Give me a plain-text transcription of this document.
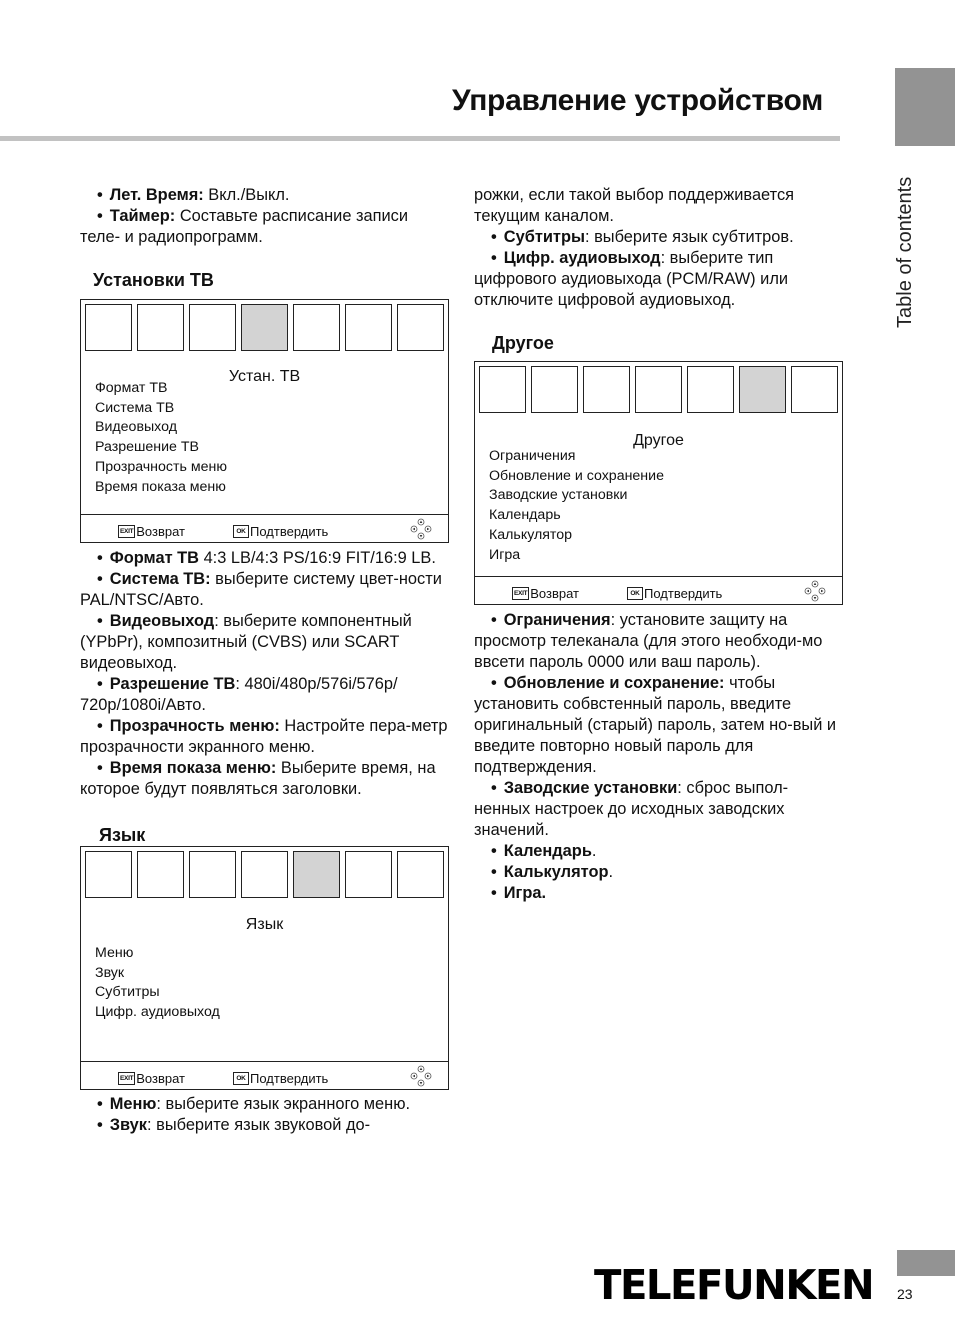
Управление устройством
Table of contents

• Лет. Время: Вкл./Выкл.

• Таймер: Составьте расписание записи теле- и радиопрограмм.

Установки ТВ
Устан. ТВ
Формат ТВ
Система ТВ
Видеовыход
Разрешение ТВ
Прозрачность меню
Время показа меню
EXIT Возврат	OK Подтвердить

• Формат ТВ 4:3 LB/4:3 PS/16:9 FIT/16:9 LB.

• Система ТВ: выберите систему цвет-ности PAL/NTSC/Авто.

• Видеовыход: выберите компонентный (YPbPr), композитный (CVBS) или SCART видеовыход.

• Разрешение ТВ: 480i/480p/576i/576p/ 720p/1080i/Авто.

• Прозрачность меню: Настройте пера-метр прозрачности экранного меню.

• Время показа меню: Выберите время, на которое будут появляться заголовки.

Язык
Язык
Меню
Звук
Субтитры
Цифр. аудиовыход
EXIT Возврат	OK Подтвердить

• Меню: выберите язык экранного меню.

• Звук: выберите язык звуковой до-

рожки, если такой выбор поддерживается текущим каналом.

• Субтитры: выберите язык субтитров.

• Цифр. аудиовыход: выберите тип цифрового аудиовыхода (PCM/RAW) или отключите цифровой аудиовыход.

Другое
Другое
Ограничения
Обновление и сохранение
Заводские установки
Календарь
Калькулятор
Игра
EXIT Возврат	OK Подтвердить

• Ограничения: установите защиту на просмотр телеканала (для этого необходи-мо ввсети пароль 0000 или ваш пароль).

• Обновление и сохранение: чтобы установить собвстенный пароль, введите оригинальный (старый) пароль, затем но-вый и введите повторно новый пароль для подтверждения.

• Заводские установки: сброс выпол-ненных настроек до исходных заводских значений.

• Календарь.

• Калькулятор.

• Игра.

TELEFUNKEN 23
